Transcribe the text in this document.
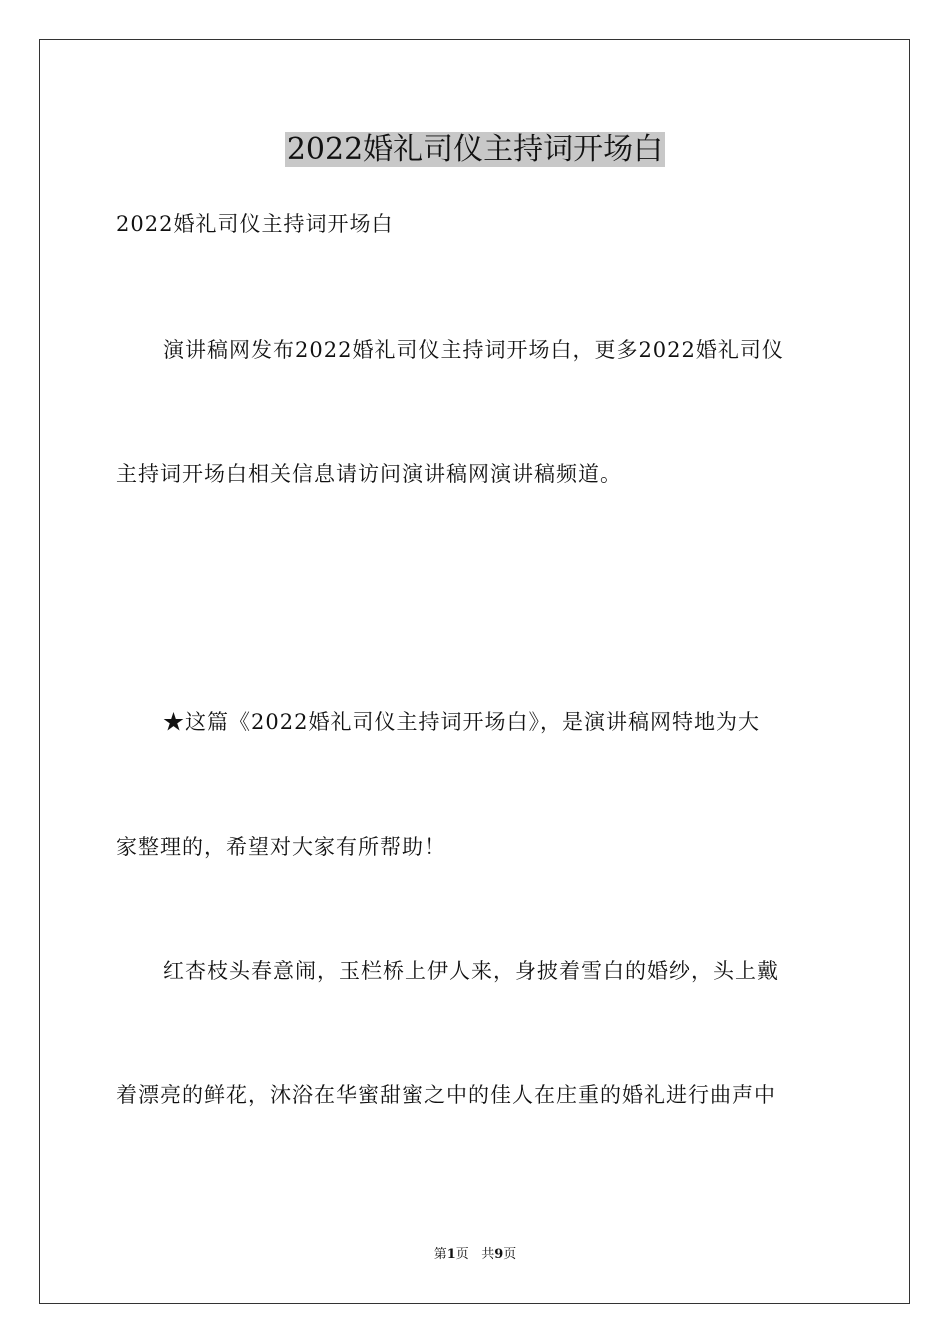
2022婚礼司仪主持词开场白
2022婚礼司仪主持词开场白
演讲稿网发布2022婚礼司仪主持词开场白，更多2022婚礼司仪
主持词开场白相关信息请访问演讲稿网演讲稿频道。
★这篇《2022婚礼司仪主持词开场白》，是演讲稿网特地为大
家整理的，希望对大家有所帮助！
红杏枝头春意闹，玉栏桥上伊人来，身披着雪白的婚纱，头上戴
着漂亮的鲜花，沐浴在华蜜甜蜜之中的佳人在庄重的婚礼进行曲声中
第1页 共9页
